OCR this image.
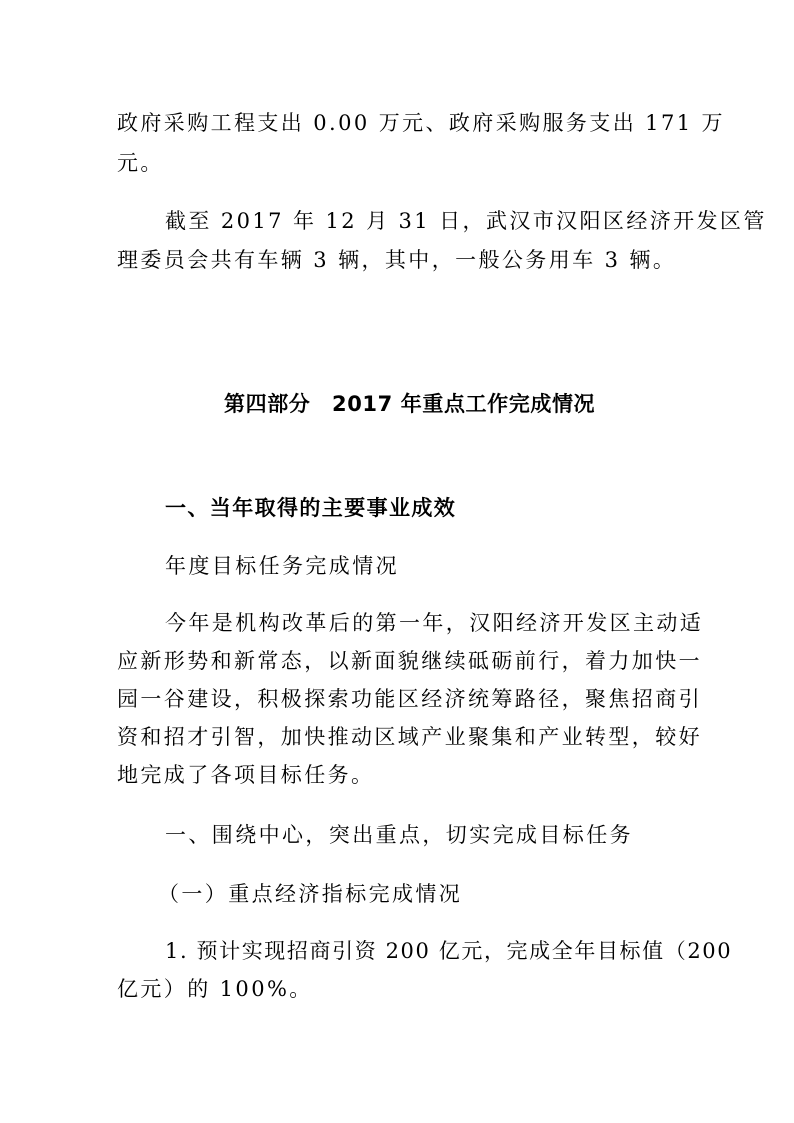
政府采购工程支出 0.00 万元、政府采购服务支出 171 万
元。
截至 2017 年 12 月 31 日，武汉市汉阳区经济开发区管
理委员会共有车辆 3 辆，其中，一般公务用车 3 辆。
第四部分　2017 年重点工作完成情况
一、当年取得的主要事业成效
年度目标任务完成情况
今年是机构改革后的第一年，汉阳经济开发区主动适
应新形势和新常态，以新面貌继续砥砺前行，着力加快一
园一谷建设，积极探索功能区经济统筹路径，聚焦招商引
资和招才引智，加快推动区域产业聚集和产业转型，较好
地完成了各项目标任务。
一、围绕中心，突出重点，切实完成目标任务
（一）重点经济指标完成情况
1. 预计实现招商引资 200 亿元，完成全年目标值（200
亿元）的 100%。
